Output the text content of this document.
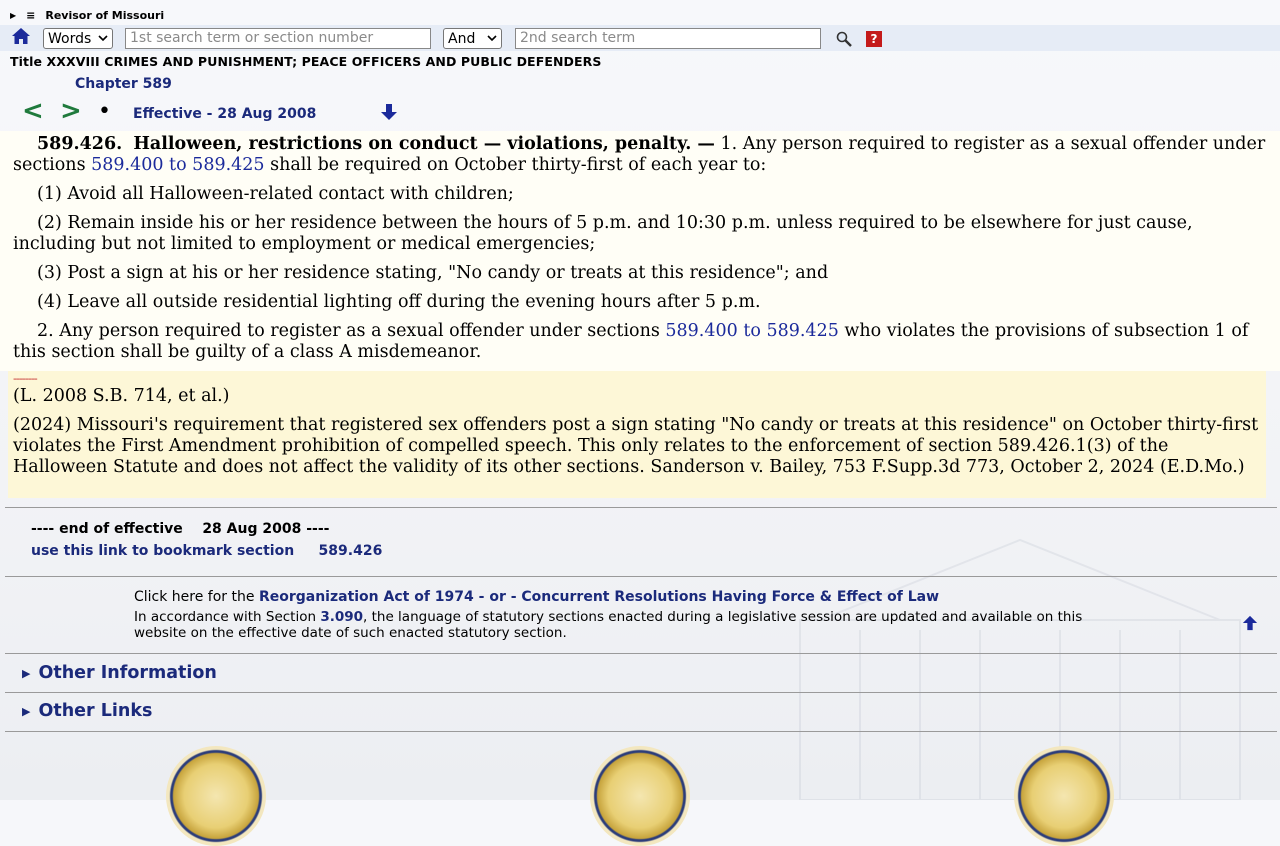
▶ ≡ Revisor of Missouri
Words	1st search term or section number	And	2nd search term	?
Title XXXVIII CRIMES AND PUNISHMENT; PEACE OFFICERS AND PUBLIC DEFENDERS
Chapter 589
< > •	Effective - 28 Aug 2008

589.426. Halloween, restrictions on conduct — violations, penalty. — 1. Any person required to register as a sexual offender under sections 589.400 to 589.425 shall be required on October thirty-first of each year to:

(1) Avoid all Halloween-related contact with children;

(2) Remain inside his or her residence between the hours of 5 p.m. and 10:30 p.m. unless required to be elsewhere for just cause, including but not limited to employment or medical emergencies;

(3) Post a sign at his or her residence stating, "No candy or treats at this residence"; and

(4) Leave all outside residential lighting off during the evening hours after 5 p.m.

2. Any person required to register as a sexual offender under sections 589.400 to 589.425 who violates the provisions of subsection 1 of this section shall be guilty of a class A misdemeanor.

--------

(L. 2008 S.B. 714, et al.)

(2024) Missouri's requirement that registered sex offenders post a sign stating "No candy or treats at this residence" on October thirty-first violates the First Amendment prohibition of compelled speech. This only relates to the enforcement of section 589.426.1(3) of the Halloween Statute and does not affect the validity of its other sections. Sanderson v. Bailey, 753 F.Supp.3d 773, October 2, 2024 (E.D.Mo.)

---- end of effective 28 Aug 2008 ----
use this link to bookmark section 589.426
Click here for the Reorganization Act of 1974 - or - Concurrent Resolutions Having Force & Effect of Law
In accordance with Section 3.090, the language of statutory sections enacted during a legislative session are updated and available on this website on the effective date of such enacted statutory section.
▶ Other Information
▶ Other Links
